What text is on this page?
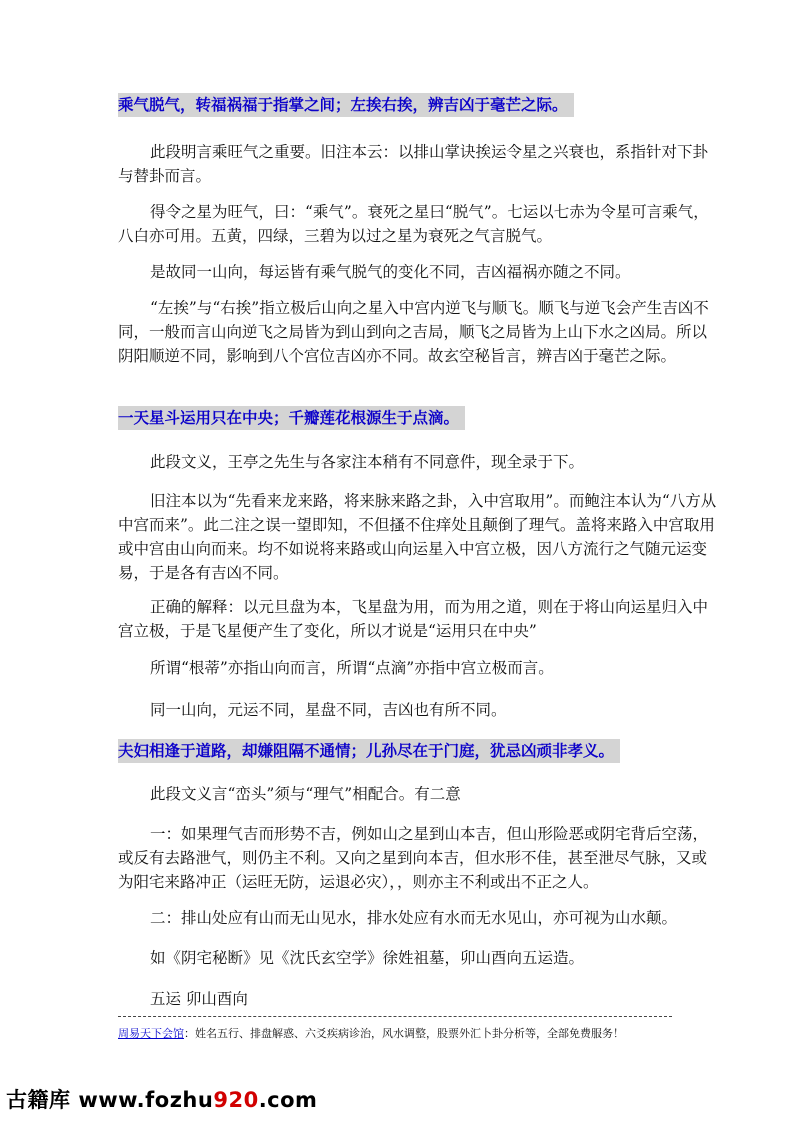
乘气脱气，转福祸福于指掌之间；左挨右挨，辨吉凶于毫芒之际。
此段明言乘旺气之重要。旧注本云：以排山掌诀挨运令星之兴衰也，系指针对下卦与替卦而言。
得令之星为旺气，曰：“乘气”。衰死之星曰“脱气”。七运以七赤为令星可言乘气，八白亦可用。五黄，四绿，三碧为以过之星为衰死之气言脱气。
是故同一山向，每运皆有乘气脱气的变化不同，吉凶福祸亦随之不同。
“左挨”与“右挨”指立极后山向之星入中宫内逆飞与顺飞。顺飞与逆飞会产生吉凶不同，一般而言山向逆飞之局皆为到山到向之吉局，顺飞之局皆为上山下水之凶局。所以阴阳顺逆不同，影响到八个宫位吉凶亦不同。故玄空秘旨言，辨吉凶于毫芒之际。
一天星斗运用只在中央；千瓣莲花根源生于点滴。
此段文义，王亭之先生与各家注本稍有不同意件，现全录于下。
旧注本以为“先看来龙来路，将来脉来路之卦，入中宫取用”。而鲍注本认为“八方从中宫而来”。此二注之误一望即知，不但搔不住痒处且颠倒了理气。盖将来路入中宫取用或中宫由山向而来。均不如说将来路或山向运星入中宫立极，因八方流行之气随元运变易，于是各有吉凶不同。
正确的解释：以元旦盘为本，飞星盘为用，而为用之道，则在于将山向运星归入中宫立极，于是飞星便产生了变化，所以才说是“运用只在中央”
所谓“根蒂”亦指山向而言，所谓“点滴”亦指中宫立极而言。
同一山向，元运不同，星盘不同，吉凶也有所不同。
夫妇相逢于道路，却嫌阻隔不通情；儿孙尽在于门庭，犹忌凶顽非孝义。
此段文义言“峦头”须与“理气”相配合。有二意
一：如果理气吉而形势不吉，例如山之星到山本吉，但山形险恶或阴宅背后空荡，或反有去路泄气，则仍主不利。又向之星到向本吉，但水形不佳，甚至泄尽气脉，又或为阳宅来路冲正（运旺无防，运退必灾），，则亦主不利或出不正之人。
二：排山处应有山而无山见水，排水处应有水而无水见山，亦可视为山水颠。
如《阴宅秘断》见《沈氏玄空学》徐姓祖墓，卯山酉向五运造。
五运 卯山酉向
周易天下会馆：姓名五行、排盘解惑、六爻疾病诊治，风水调整，股票外汇卜卦分析等，全部免费服务！
古籍库 www.fozhu920.com
